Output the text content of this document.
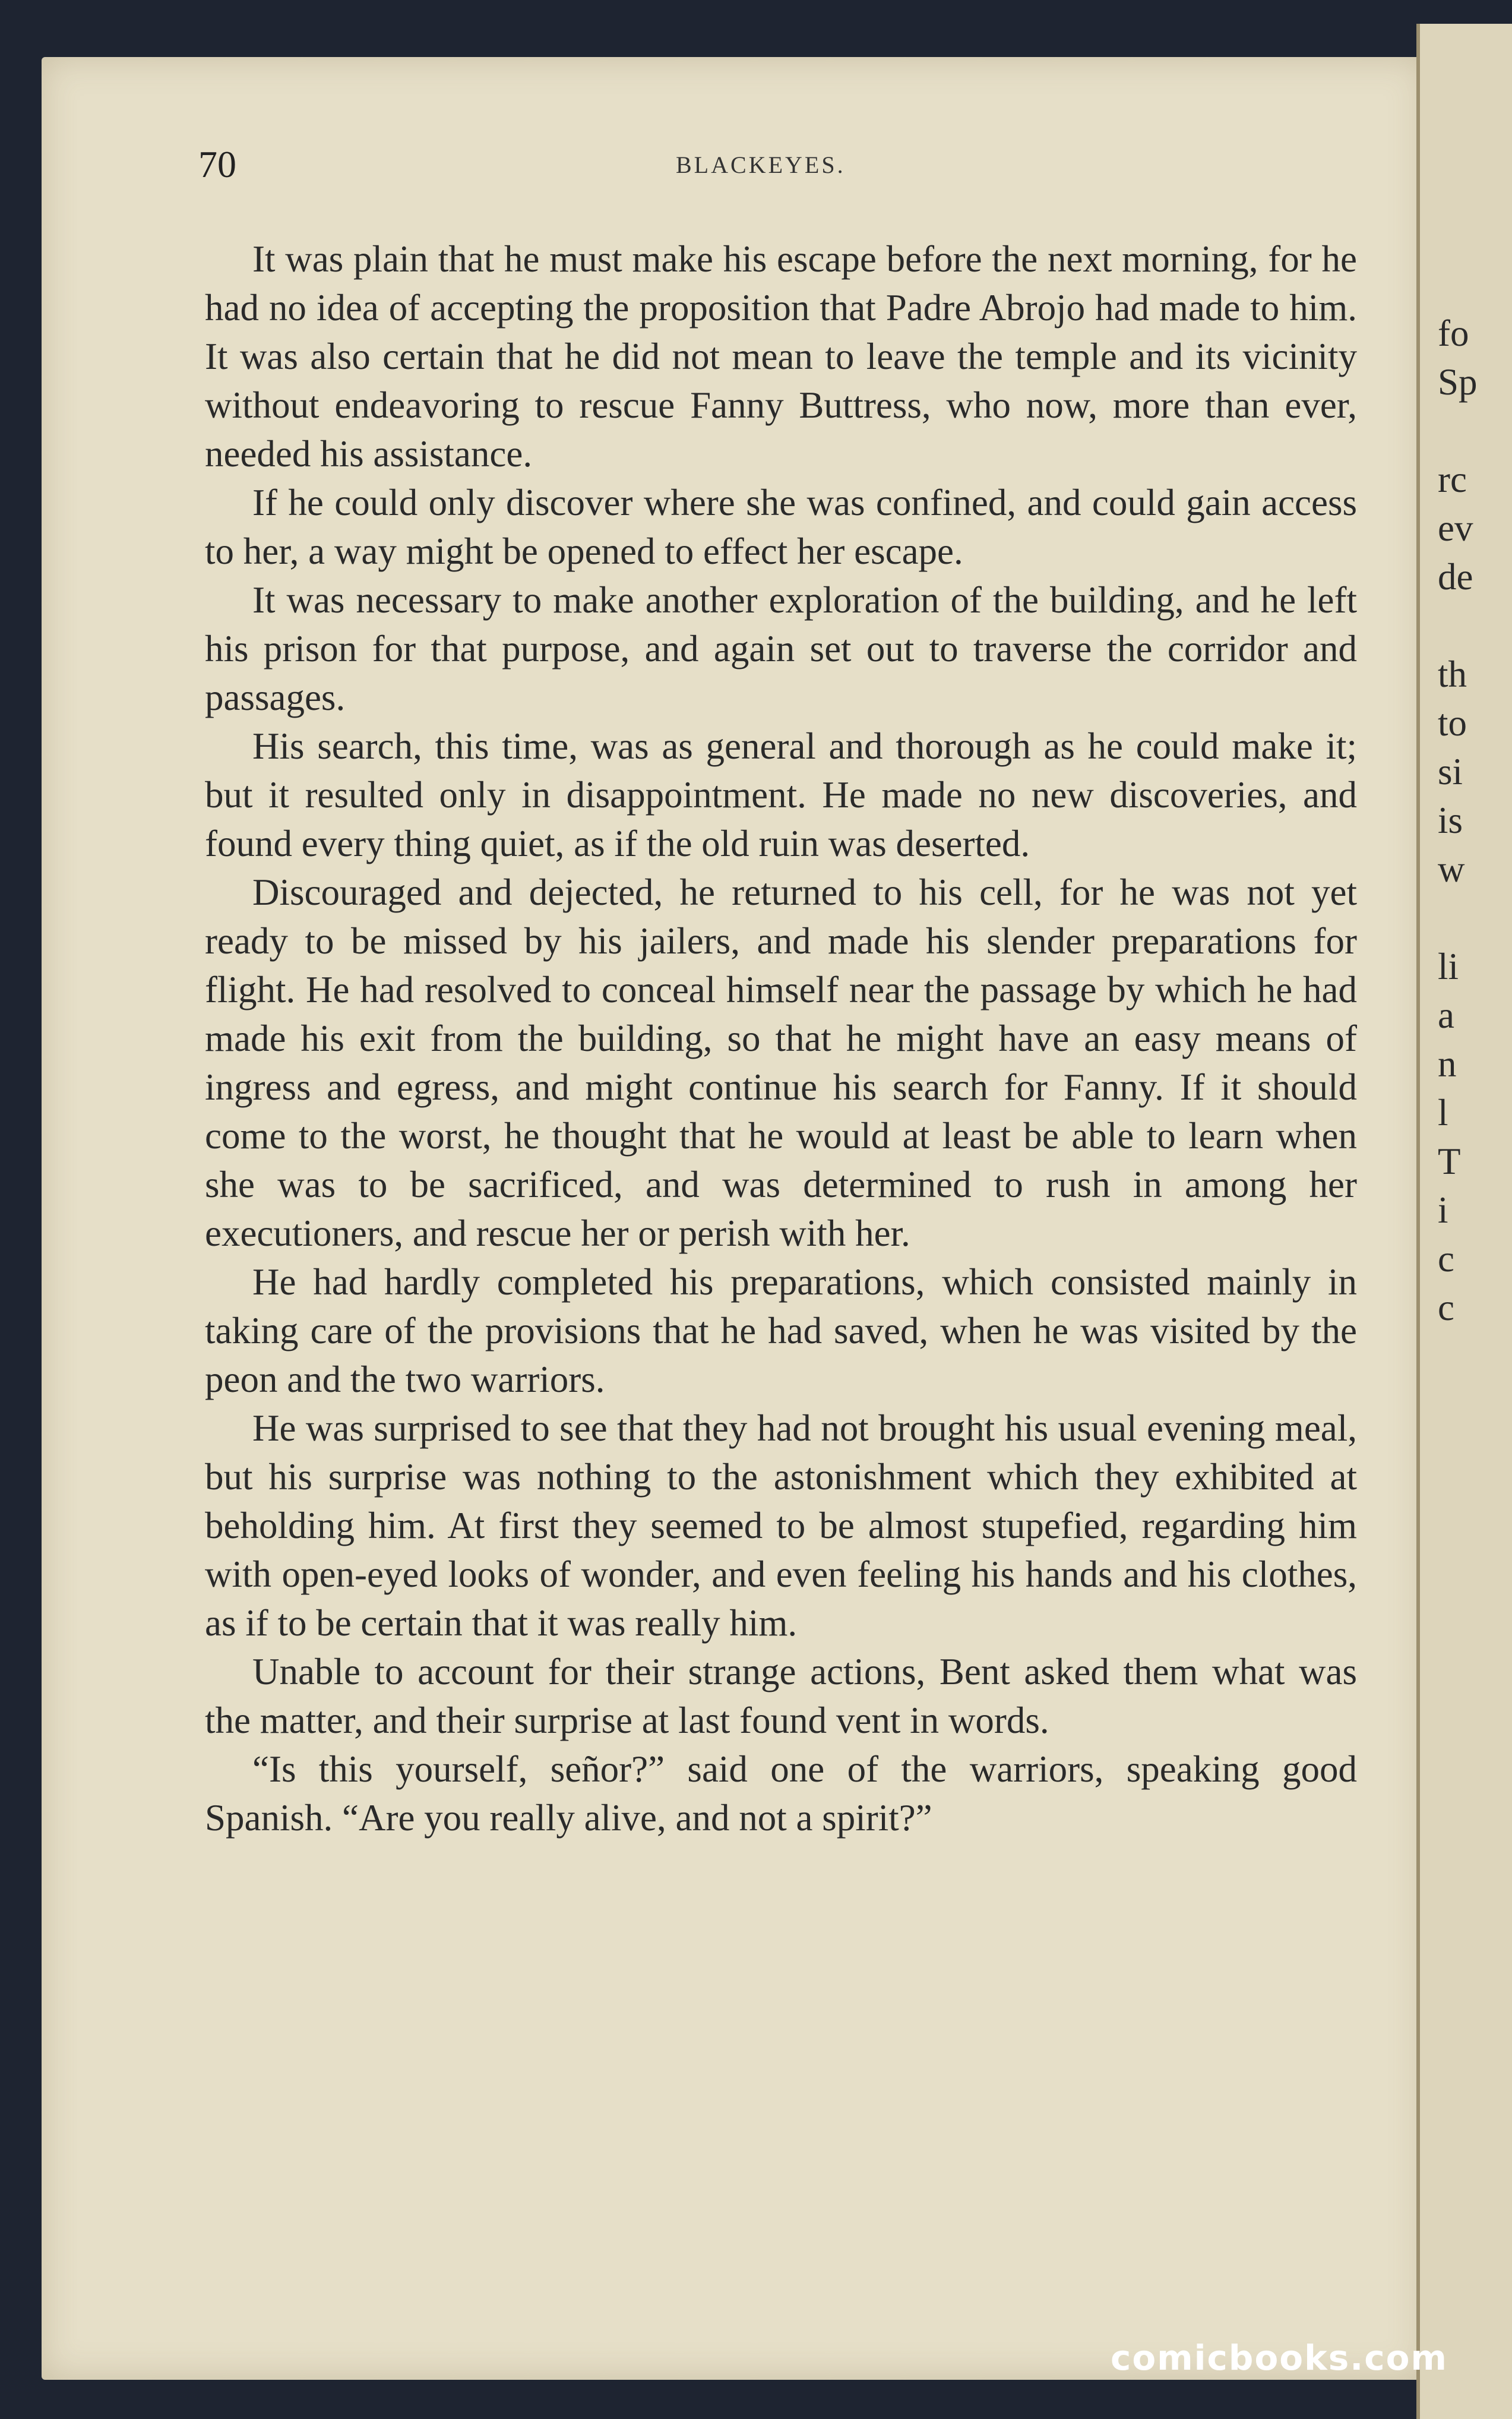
fo
Sp
rc
ev
de
th
to
si
is
w
li
a
n
l
T
i
c
c
70	BLACKEYES.

It was plain that he must make his escape before the next morning, for he had no idea of accepting the proposition that Padre Abrojo had made to him. It was also certain that he did not mean to leave the temple and its vicinity without endeavoring to rescue Fanny Buttress, who now, more than ever, needed his assistance.

If he could only discover where she was confined, and could gain access to her, a way might be opened to effect her escape.

It was necessary to make another exploration of the building, and he left his prison for that purpose, and again set out to traverse the corridor and passages.

His search, this time, was as general and thorough as he could make it; but it resulted only in disappointment. He made no new discoveries, and found every thing quiet, as if the old ruin was deserted.

Discouraged and dejected, he returned to his cell, for he was not yet ready to be missed by his jailers, and made his slender preparations for flight. He had resolved to conceal himself near the passage by which he had made his exit from the building, so that he might have an easy means of ingress and egress, and might continue his search for Fanny. If it should come to the worst, he thought that he would at least be able to learn when she was to be sacrificed, and was determined to rush in among her executioners, and rescue her or perish with her.

He had hardly completed his preparations, which consisted mainly in taking care of the provisions that he had saved, when he was visited by the peon and the two warriors.

He was surprised to see that they had not brought his usual evening meal, but his surprise was nothing to the astonishment which they exhibited at beholding him. At first they seemed to be almost stupefied, regarding him with open-eyed looks of wonder, and even feeling his hands and his clothes, as if to be certain that it was really him.

Unable to account for their strange actions, Bent asked them what was the matter, and their surprise at last found vent in words.

“Is this yourself, señor?” said one of the warriors, speaking good Spanish. “Are you really alive, and not a spirit?”

comicbooks.com
